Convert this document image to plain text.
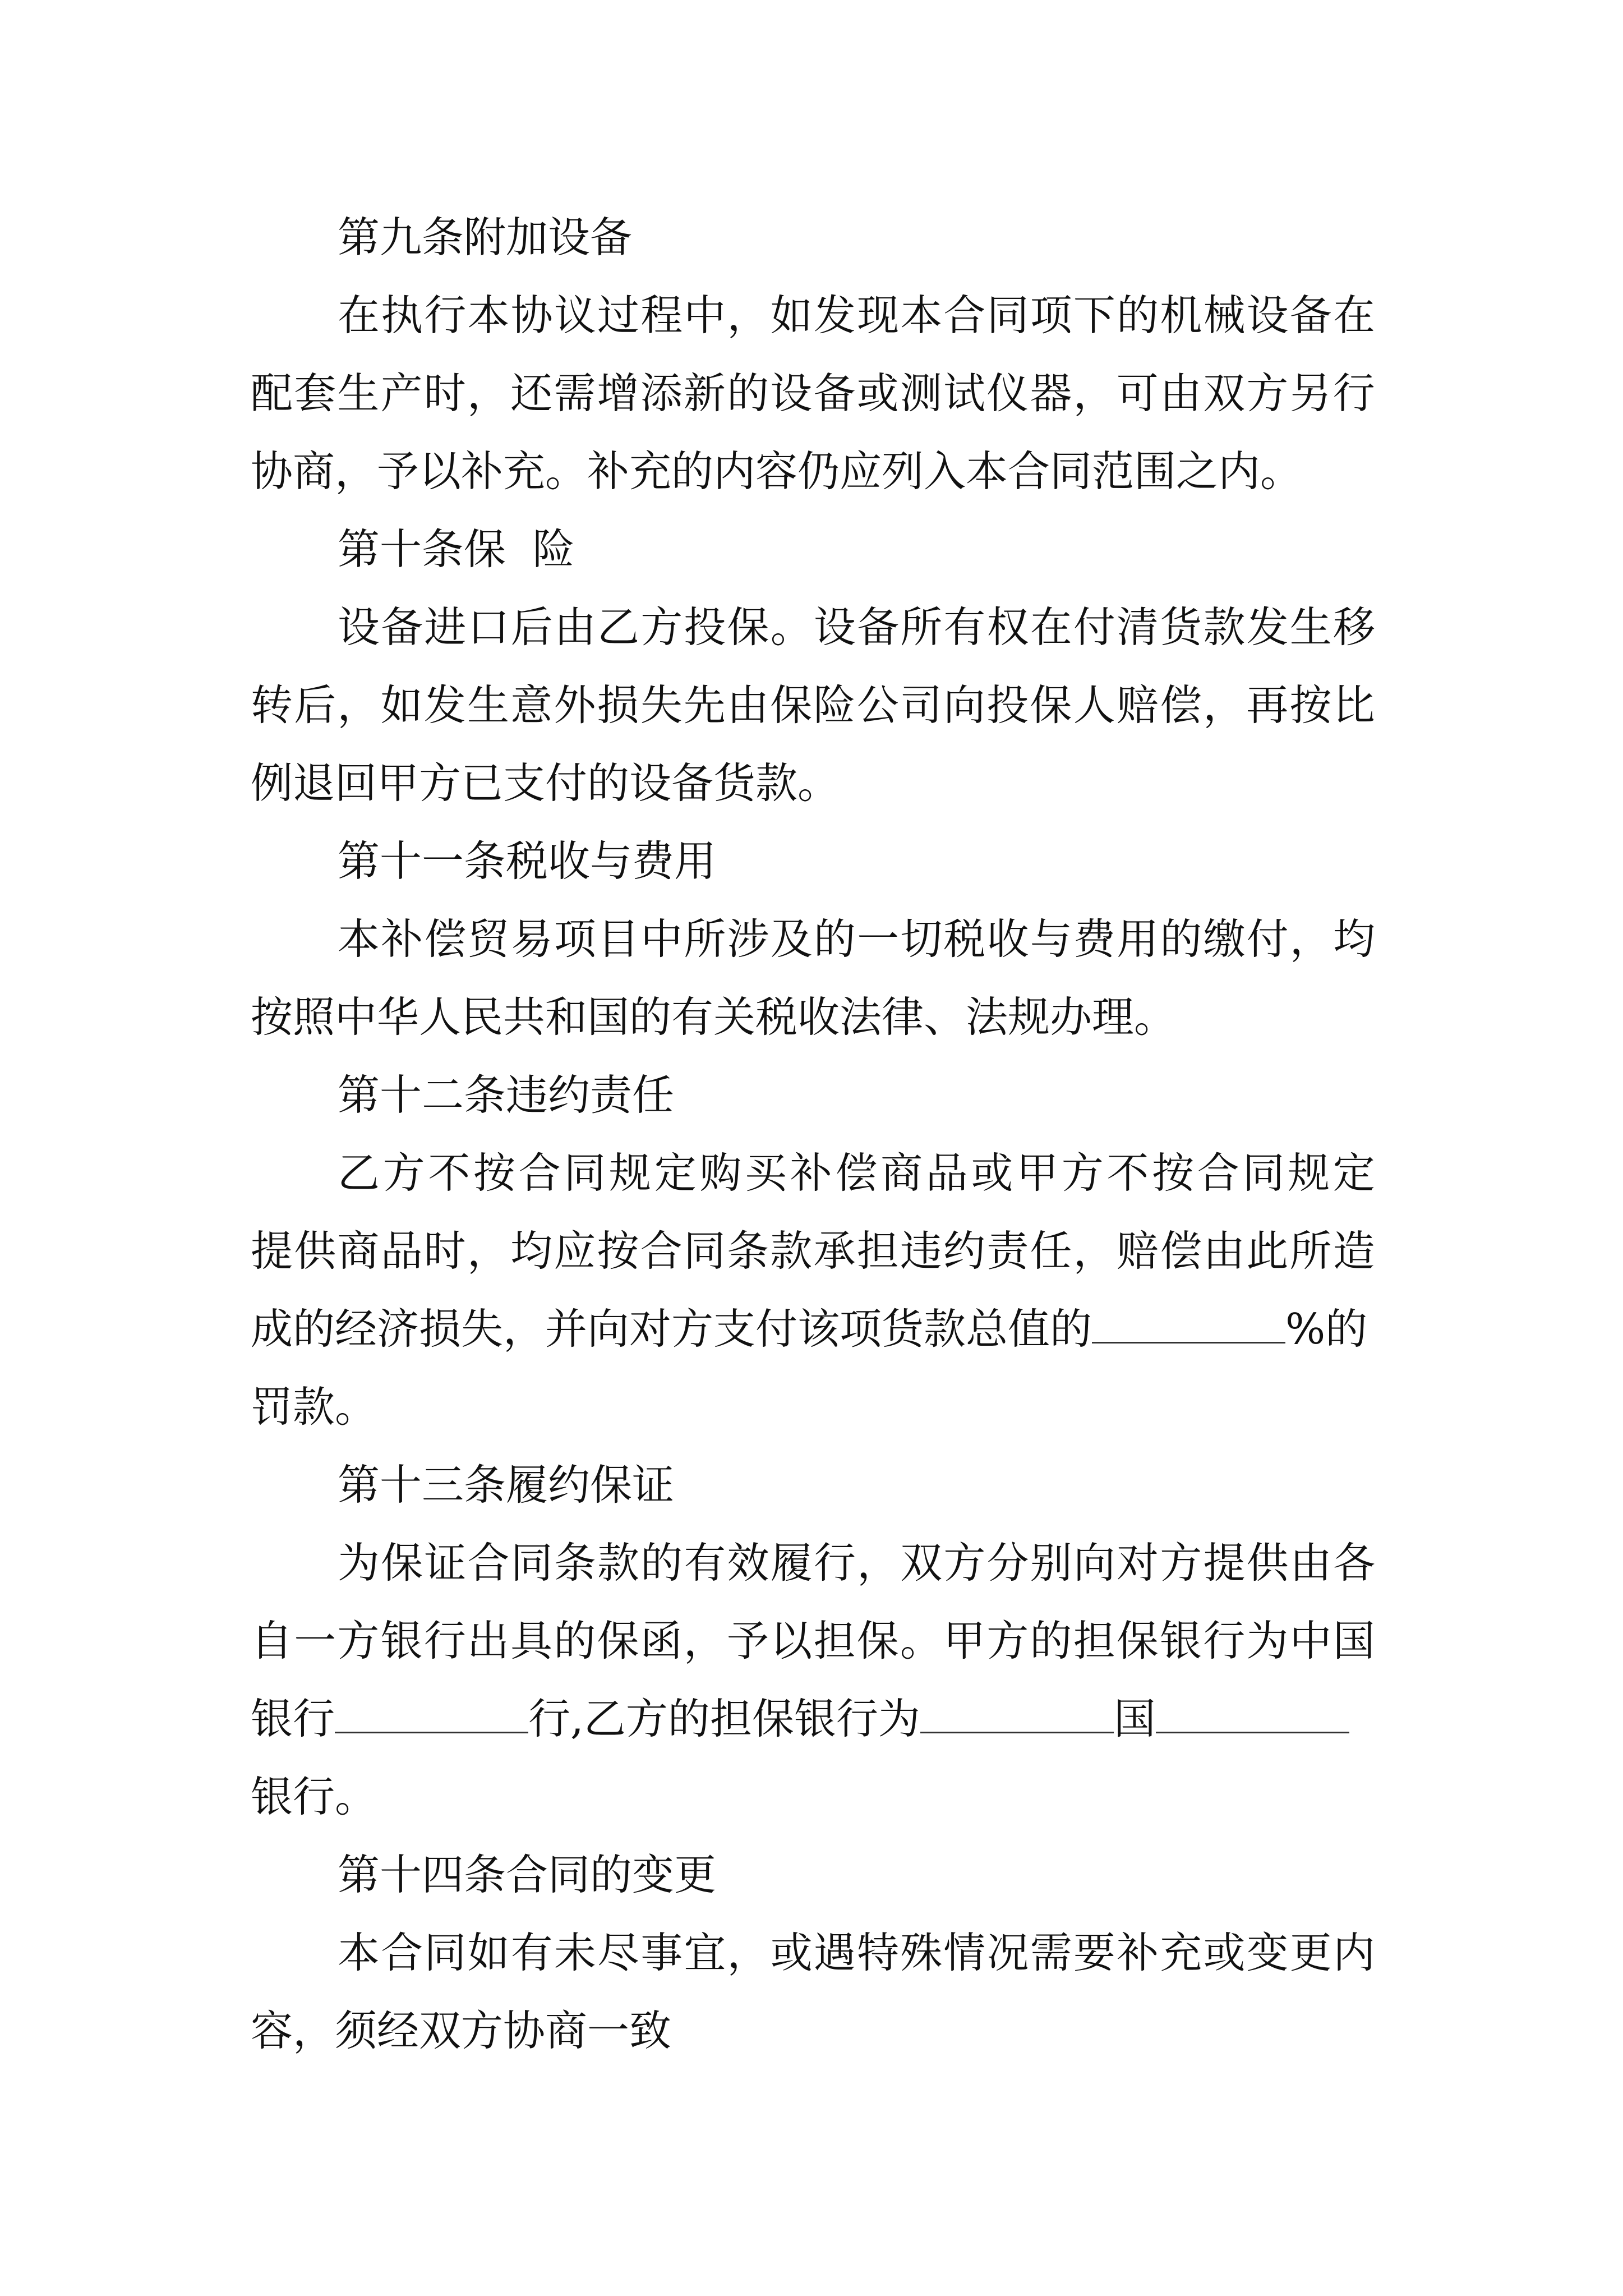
第九条附加设备
在 执 行 本 协 议 过 程 中 ， 如 发 现 本 合 同 项 下 的 机 械 设 备 在
配 套 生 产 时 ， 还 需 增 添 新 的 设 备 或 测 试 仪 器 ， 可 由 双 方 另 行
协商，予以补充。补充的内容仍应列入本合同范围之内。
第十条保  险
设 备 进 口 后 由 乙 方 投 保 。 设 备 所 有 权 在 付 清 货 款 发 生 移
转 后 ， 如 发 生 意 外 损 失 先 由 保 险 公 司 向 投 保 人 赔 偿 ， 再 按 比
例退回甲方已支付的设备货款。
第十一条税收与费用
本 补 偿 贸 易 项 目 中 所 涉 及 的 一 切 税 收 与 费 用 的 缴 付 ， 均
按照中华人民共和国的有关税收法律、法规办理。
第十二条违约责任
乙 方 不 按 合 同 规 定 购 买 补 偿 商 品 或 甲 方 不 按 合 同 规 定
提 供 商 品 时 ， 均 应 按 合 同 条 款 承 担 违 约 责 任 ， 赔 偿 由 此 所 造
成的经济损失，并向对方支付该项货款总值的	%的
罚款。
第十三条履约保证
为 保 证 合 同 条 款 的 有 效 履 行 ， 双 方 分 别 向 对 方 提 供 由 各
自 一 方 银 行 出 具 的 保 函 ， 予 以 担 保 。 甲 方 的 担 保 银 行 为 中 国
银行	行,乙方的担保银行为	国
银行。
第十四条合同的变更
本 合 同 如 有 未 尽 事 宜 ， 或 遇 特 殊 情 况 需 要 补 充 或 变 更 内
容，须经双方协商一致
